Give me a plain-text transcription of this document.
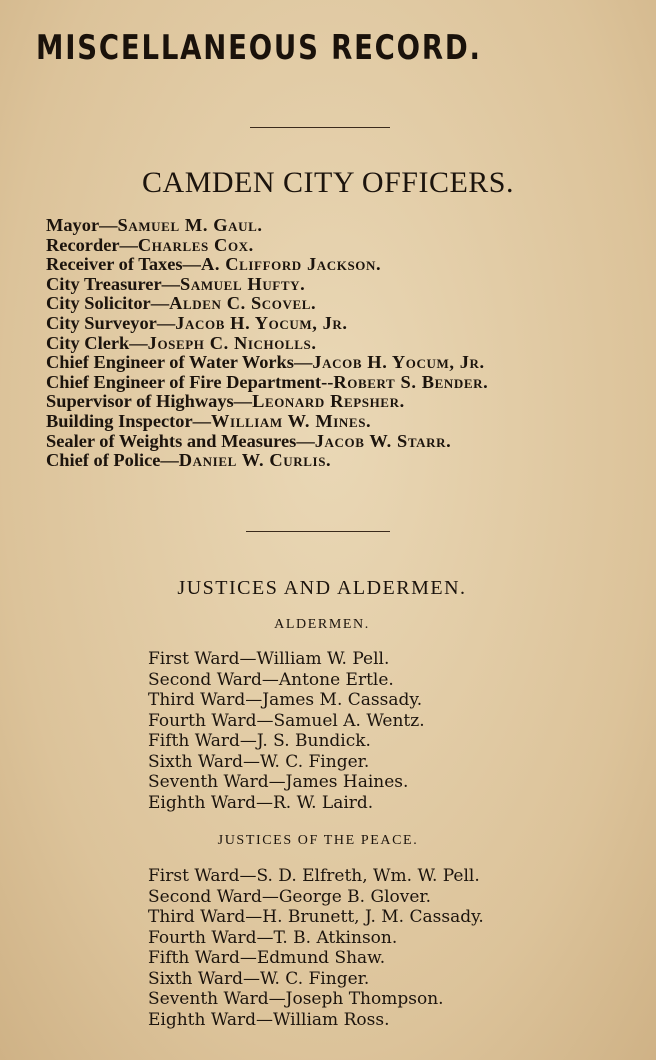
MISCELLANEOUS RECORD.
CAMDEN CITY OFFICERS.
Mayor—Samuel M. Gaul.
Recorder—Charles Cox.
Receiver of Taxes—A. Clifford Jackson.
City Treasurer—Samuel Hufty.
City Solicitor—Alden C. Scovel.
City Surveyor—Jacob H. Yocum, Jr.
City Clerk—Joseph C. Nicholls.
Chief Engineer of Water Works—Jacob H. Yocum, Jr.
Chief Engineer of Fire Department--Robert S. Bender.
Supervisor of Highways—Leonard Repsher.
Building Inspector—William W. Mines.
Sealer of Weights and Measures—Jacob W. Starr.
Chief of Police—Daniel W. Curlis.
JUSTICES AND ALDERMEN.
ALDERMEN.
First Ward—William W. Pell.
Second Ward—Antone Ertle.
Third Ward—James M. Cassady.
Fourth Ward—Samuel A. Wentz.
Fifth Ward—J. S. Bundick.
Sixth Ward—W. C. Finger.
Seventh Ward—James Haines.
Eighth Ward—R. W. Laird.
JUSTICES OF THE PEACE.
First Ward—S. D. Elfreth, Wm. W. Pell.
Second Ward—George B. Glover.
Third Ward—H. Brunett, J. M. Cassady.
Fourth Ward—T. B. Atkinson.
Fifth Ward—Edmund Shaw.
Sixth Ward—W. C. Finger.
Seventh Ward—Joseph Thompson.
Eighth Ward—William Ross.
